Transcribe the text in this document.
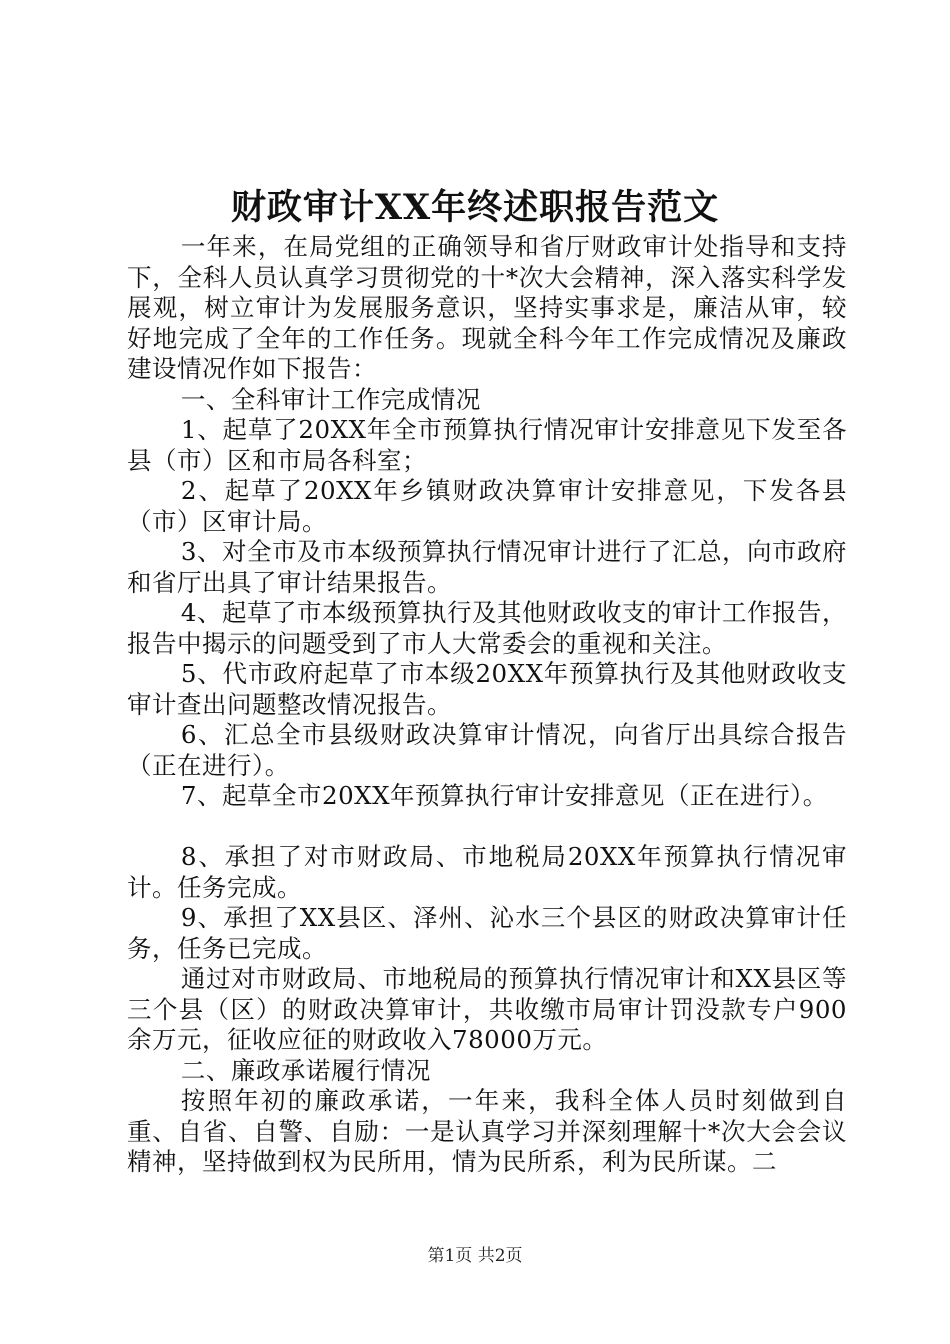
财政审计XX年终述职报告范文

一年来，在局党组的正确领导和省厅财政审计处指导和支持下，全科人员认真学习贯彻党的十*次大会精神，深入落实科学发展观，树立审计为发展服务意识，坚持实事求是，廉洁从审，较好地完成了全年的工作任务。现就全科今年工作完成情况及廉政建设情况作如下报告：

一、全科审计工作完成情况

1、起草了20XX年全市预算执行情况审计安排意见下发至各县（市）区和市局各科室；

2、起草了20XX年乡镇财政决算审计安排意见，下发各县（市）区审计局。

3、对全市及市本级预算执行情况审计进行了汇总，向市政府和省厅出具了审计结果报告。

4、起草了市本级预算执行及其他财政收支的审计工作报告，报告中揭示的问题受到了市人大常委会的重视和关注。

5、代市政府起草了市本级20XX年预算执行及其他财政收支审计查出问题整改情况报告。

6、汇总全市县级财政决算审计情况，向省厅出具综合报告（正在进行）。

7、起草全市20XX年预算执行审计安排意见（正在进行）。

8、承担了对市财政局、市地税局20XX年预算执行情况审计。任务完成。

9、承担了XX县区、泽州、沁水三个县区的财政决算审计任务，任务已完成。

通过对市财政局、市地税局的预算执行情况审计和XX县区等三个县（区）的财政决算审计，共收缴市局审计罚没款专户900余万元，征收应征的财政收入78000万元。

二、廉政承诺履行情况

按照年初的廉政承诺，一年来，我科全体人员时刻做到自重、自省、自警、自励：一是认真学习并深刻理解十*次大会会议精神，坚持做到权为民所用，情为民所系，利为民所谋。二

第1页 共2页
